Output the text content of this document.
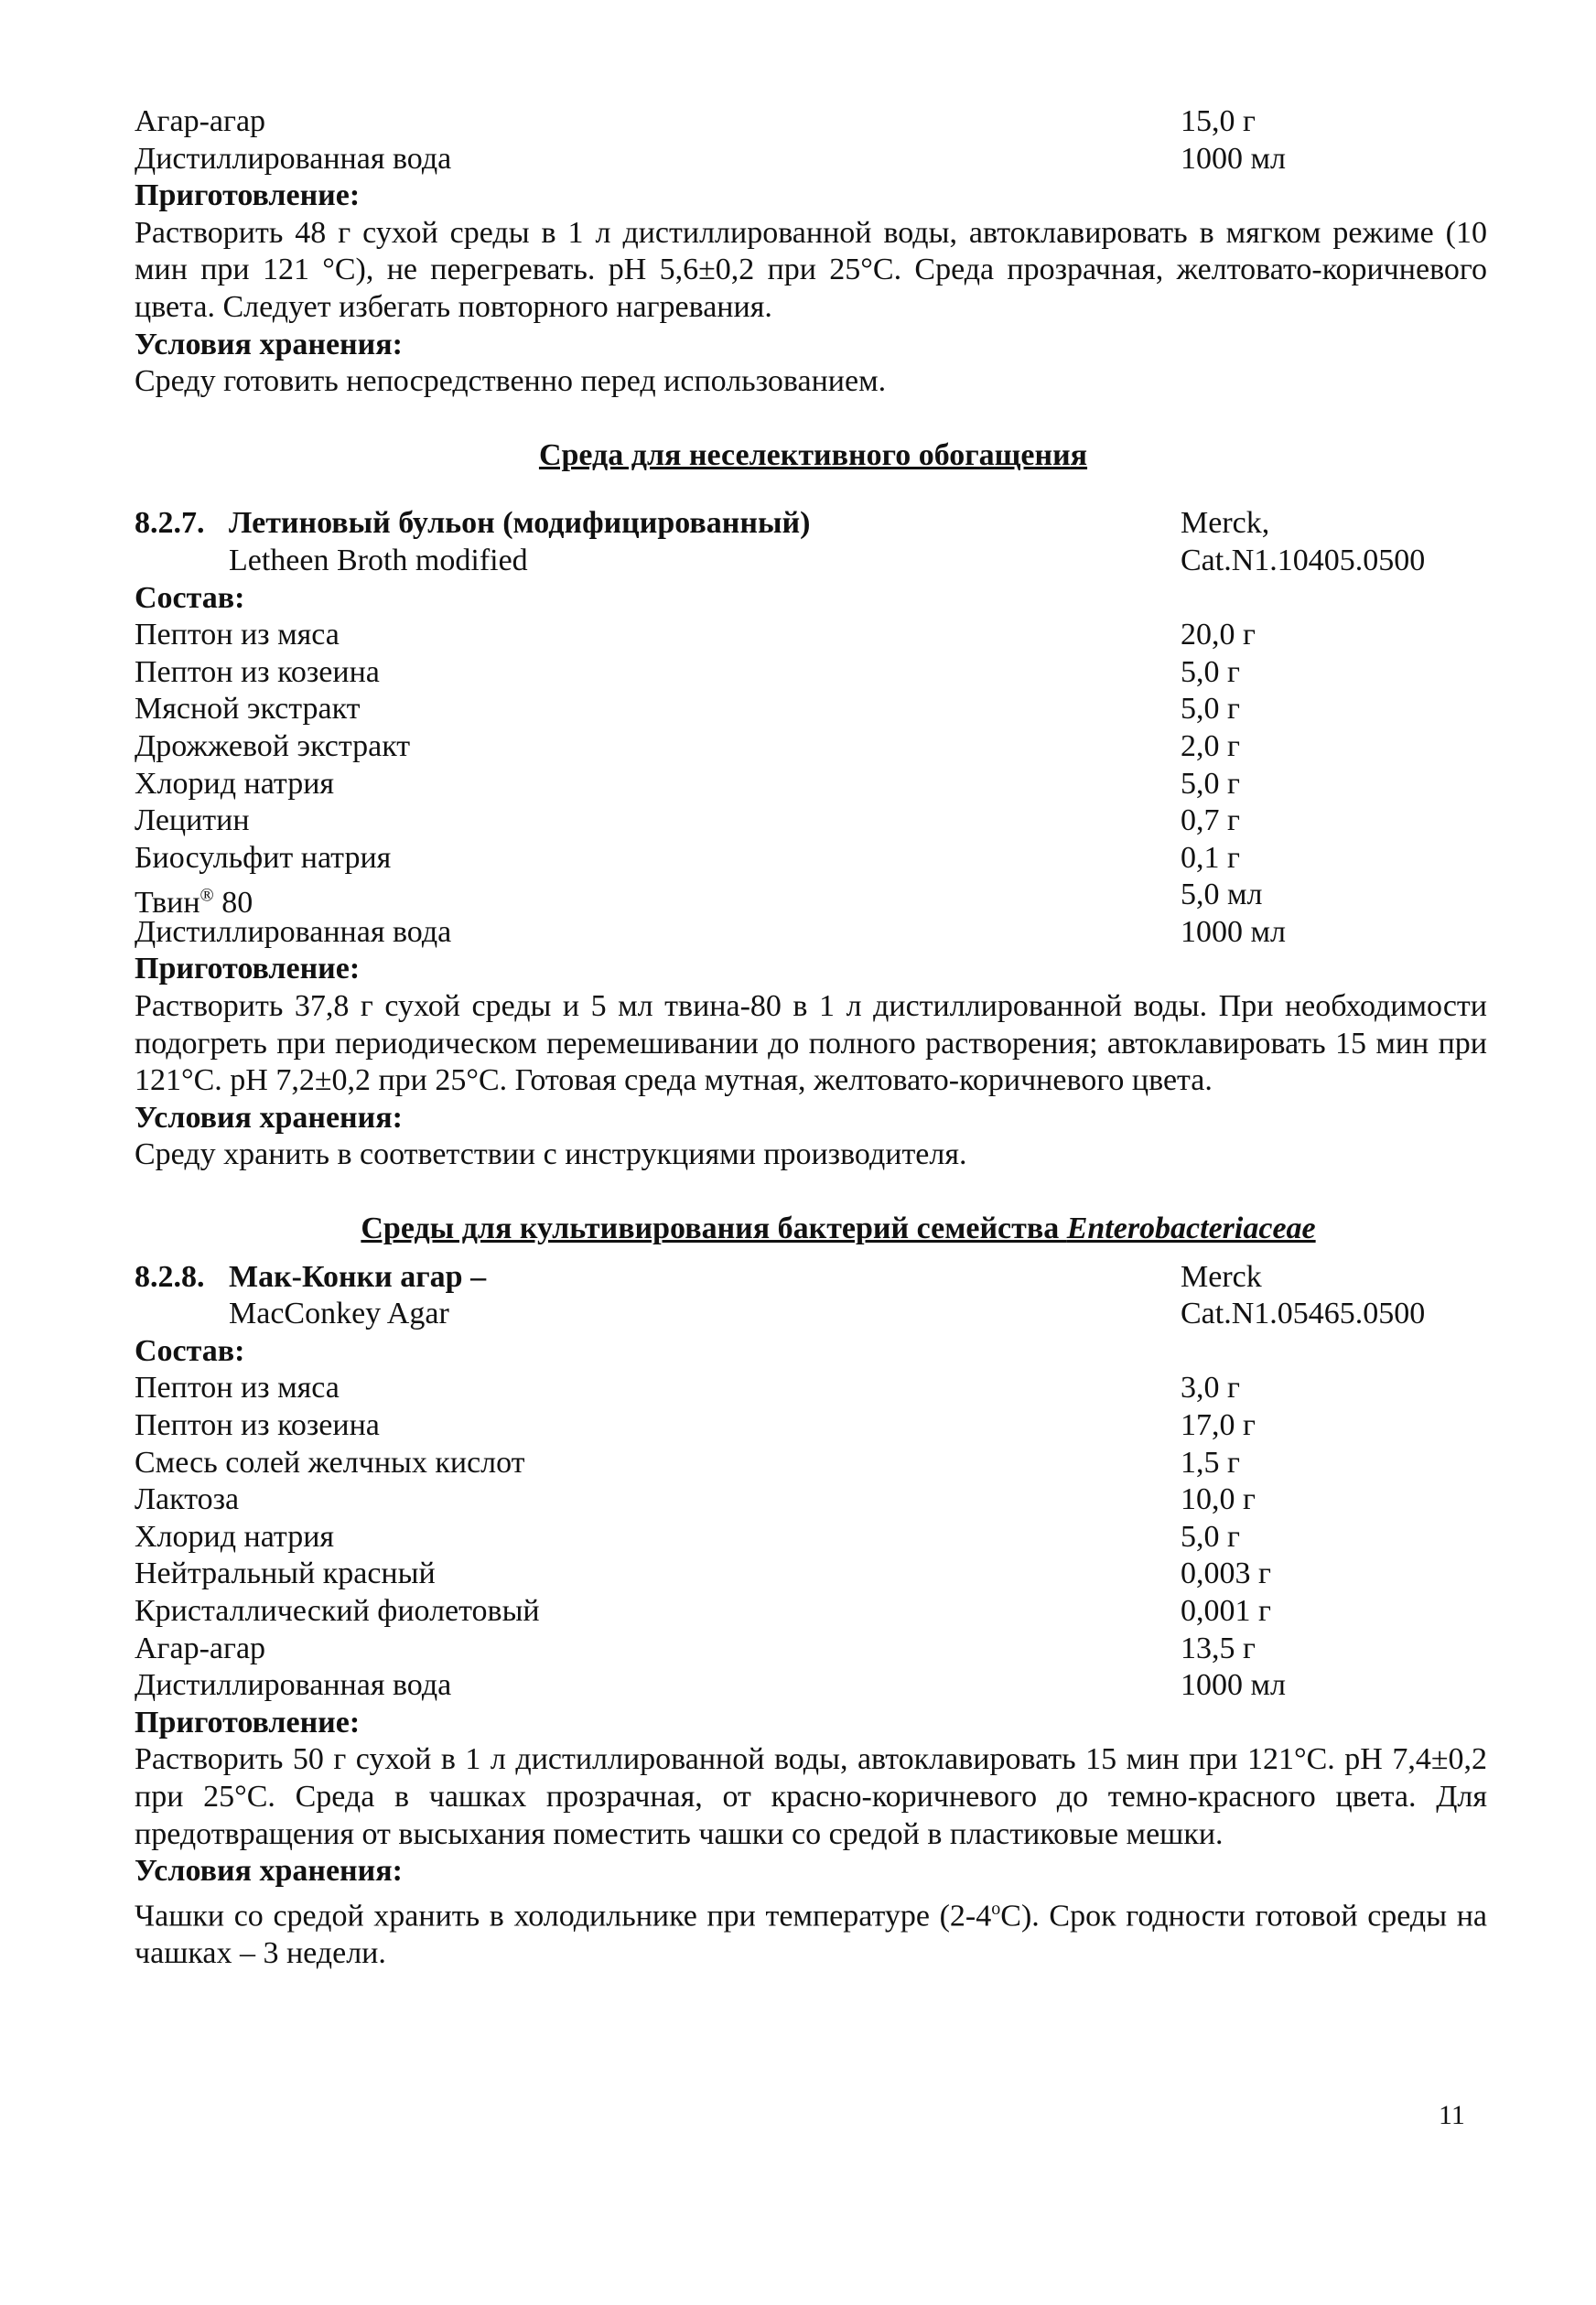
Агар-агар	15,0 г
Дистиллированная вода	1000 мл
Приготовление:
Растворить 48 г сухой среды в 1 л дистиллированной воды, автоклавировать в мягком режиме (10 мин при 121 °С), не перегревать. рН 5,6±0,2 при 25°С. Среда прозрачная, желтовато-коричневого цвета. Следует избегать повторного нагревания.
Условия хранения:
Среду готовить непосредственно перед использованием.
Среда для неселективного обогащения
8.2.7. Летиновый бульон (модифицированный)	Merck,
Letheen Broth modified	Cat.N1.10405.0500
Состав:
Пептон из мяса	20,0 г
Пептон из козеина	5,0 г
Мясной экстракт	5,0 г
Дрожжевой экстракт	2,0 г
Хлорид натрия	5,0 г
Лецитин	0,7 г
Биосульфит натрия	0,1 г
Твин® 80	5,0 мл
Дистиллированная вода	1000 мл
Приготовление:
Растворить 37,8 г сухой среды и 5 мл твина-80 в 1 л дистиллированной воды. При необходимости подогреть при периодическом перемешивании до полного растворения; автоклавировать 15 мин при 121°С. рН 7,2±0,2 при 25°С. Готовая среда мутная, желтовато-коричневого цвета.
Условия хранения:
Среду хранить в соответствии с инструкциями производителя.
Среды для культивирования бактерий семейства Enterobacteriaceae
8.2.8. Мак-Конки агар –	Merck
MacConkey Agar	Cat.N1.05465.0500
Состав:
Пептон из мяса	3,0 г
Пептон из козеина	17,0 г
Смесь солей желчных кислот	1,5 г
Лактоза	10,0 г
Хлорид натрия	5,0 г
Нейтральный красный	0,003 г
Кристаллический фиолетовый	0,001 г
Агар-агар	13,5 г
Дистиллированная вода	1000 мл
Приготовление:
Растворить 50 г сухой в 1 л дистиллированной воды, автоклавировать 15 мин при 121°С. рН 7,4±0,2 при 25°С. Среда в чашках прозрачная, от красно-коричневого до темно-красного цвета. Для предотвращения от высыхания поместить чашки со средой в пластиковые мешки.
Условия хранения:
Чашки со средой хранить в холодильнике при температуре $(2-4^оС)$. Срок годности готовой среды на чашках – 3 недели.
11
